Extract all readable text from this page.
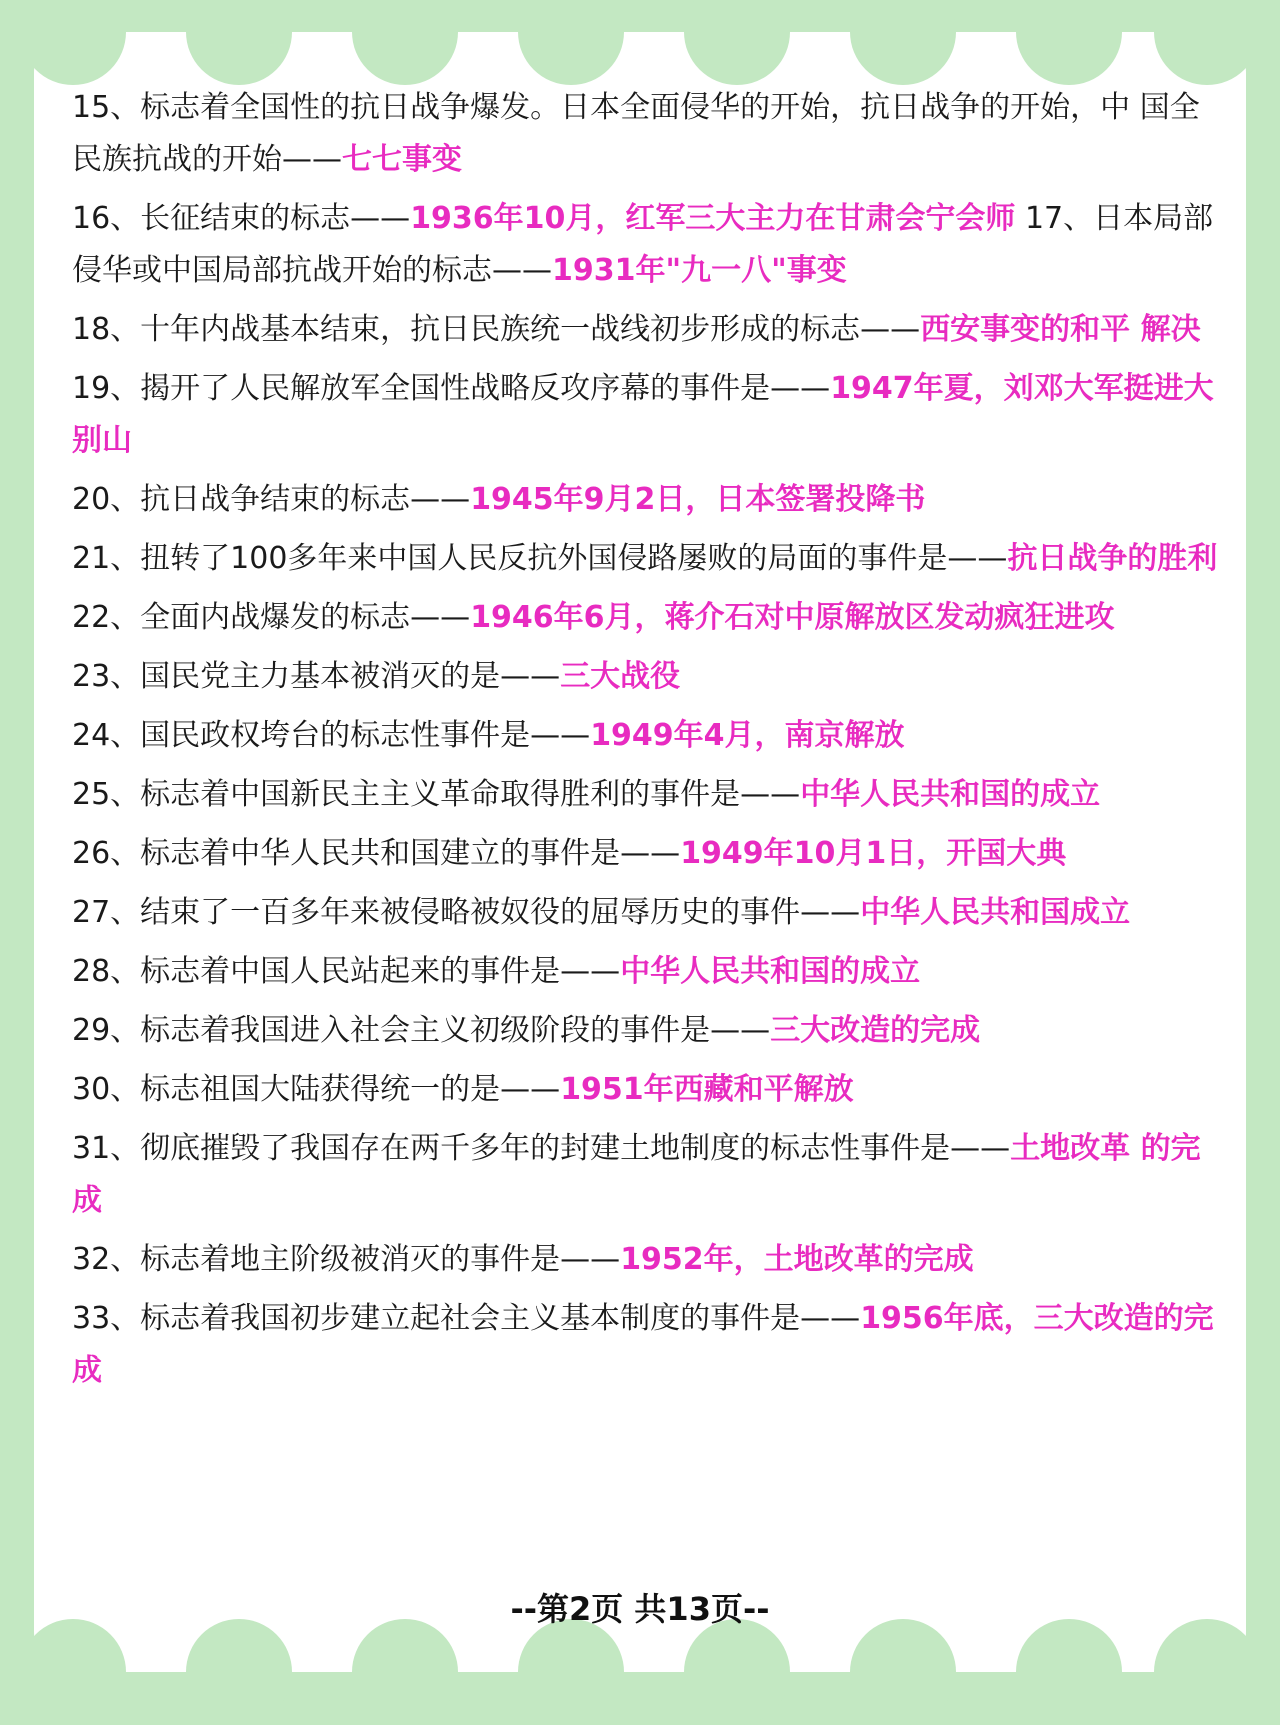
15、标志着全国性的抗日战争爆发。日本全面侵华的开始，抗日战争的开始，中 国全民族抗战的开始——七七事变

16、长征结束的标志——1936年10月，红军三大主力在甘肃会宁会师 17、日本局部侵华或中国局部抗战开始的标志——1931年"九一八"事变

18、十年内战基本结束，抗日民族统一战线初步形成的标志——西安事变的和平 解决

19、揭开了人民解放军全国性战略反攻序幕的事件是——1947年夏，刘邓大军挺进大别山

20、抗日战争结束的标志——1945年9月2日，日本签署投降书

21、扭转了100多年来中国人民反抗外国侵路屡败的局面的事件是——抗日战争的胜利

22、全面内战爆发的标志——1946年6月，蒋介石对中原解放区发动疯狂进攻

23、国民党主力基本被消灭的是——三大战役

24、国民政权垮台的标志性事件是——1949年4月，南京解放

25、标志着中国新民主主义革命取得胜利的事件是——中华人民共和国的成立

26、标志着中华人民共和国建立的事件是——1949年10月1日，开国大典

27、结束了一百多年来被侵略被奴役的屈辱历史的事件——中华人民共和国成立

28、标志着中国人民站起来的事件是——中华人民共和国的成立

29、标志着我国进入社会主义初级阶段的事件是——三大改造的完成

30、标志祖国大陆获得统一的是——1951年西藏和平解放

31、彻底摧毁了我国存在两千多年的封建土地制度的标志性事件是——土地改革 的完成

32、标志着地主阶级被消灭的事件是——1952年，土地改革的完成

33、标志着我国初步建立起社会主义基本制度的事件是——1956年底，三大改造的完成

--第2页 共13页--
